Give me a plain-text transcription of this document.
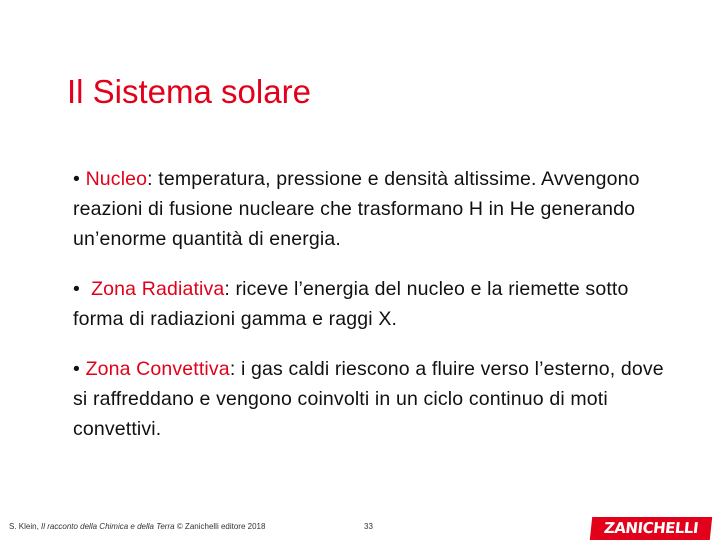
Il Sistema solare

• Nucleo: temperatura, pressione e densità altissime. Avvengono reazioni di fusione nucleare che trasformano H in He generando un’enorme quantità di energia.

• Zona Radiativa: riceve l’energia del nucleo e la riemette sotto forma di radiazioni gamma e raggi X.

• Zona Convettiva: i gas caldi riescono a fluire verso l’esterno, dove si raffreddano e vengono coinvolti in un ciclo continuo di moti convettivi.

S. Klein, Il racconto della Chimica e della Terra © Zanichelli editore 2018	33	ZANICHELLI
